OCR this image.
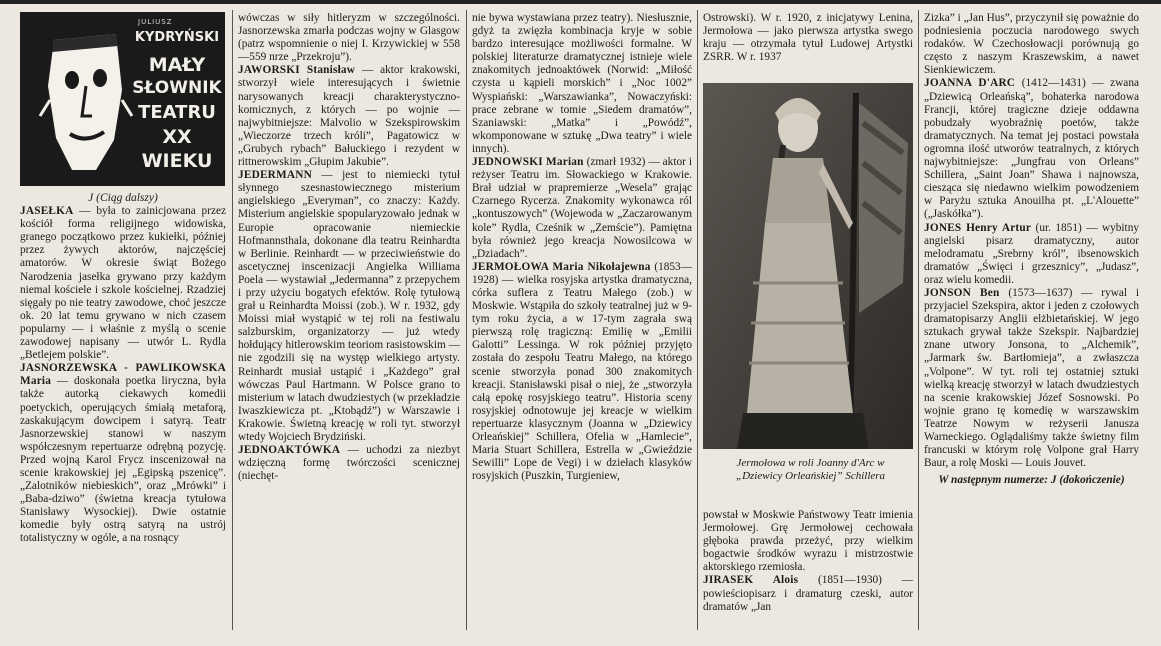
JULIUSZ
KYDRYŃSKI
MAŁY
SŁOWNIK
TEATRU
XX
WIEKU

J (Ciąg dalszy)

JASEŁKA — była to zainicjowana przez kościół forma religijnego widowiska, granego początkowo przez kukiełki, później przez żywych aktorów, najczęściej amatorów. W okresie świąt Bożego Narodzenia jasełka grywano przy każdym niemal kościele i szkole kościelnej. Rzadziej sięgały po nie teatry zawodowe, choć jeszcze ok. 20 lat temu grywano w nich czasem popularny — i właśnie z myślą o scenie zawodowej napisany — utwór L. Rydla „Betlejem polskie”.

JASNORZEWSKA - PAWLIKOWSKA Maria — doskonała poetka liryczna, była także autorką ciekawych komedii poetyckich, operujących śmiałą metaforą, zaskakującym dowcipem i satyrą. Teatr Jasnorzewskiej stanowi w naszym współczesnym repertuarze odrębną pozycję. Przed wojną Karol Frycz inscenizował na scenie krakowskiej jej „Egipską pszenicę”. „Zalotników niebieskich”, oraz „Mrówki” i „Baba-dziwo” (świetna kreacja tytułowa Stanisławy Wysockiej). Dwie ostatnie komedie były ostrą satyrą na ustrój totalistyczny w ogóle, a na rosnący

wówczas w siły hitleryzm w szczególności. Jasnorzewska zmarła podczas wojny w Glasgow (patrz wspomnienie o niej I. Krzywickiej w 558—559 nrze „Przekroju”).

JAWORSKI Stanisław — aktor krakowski, stworzył wiele interesujących i świetnie narysowanych kreacji charakterystyczno-komicznych, z których — po wojnie — najwybitniejsze: Malvolio w Szekspirowskim „Wieczorze trzech króli”, Pagatowicz w „Grubych rybach” Bałuckiego i rezydent w rittnerowskim „Głupim Jakubie”.

JEDERMANN — jest to niemiecki tytuł słynnego szesnastowiecznego misterium angielskiego „Everyman”, co znaczy: Każdy. Misterium angielskie spopularyzowało jednak w Europie opracowanie niemieckie Hofmannsthala, dokonane dla teatru Reinhardta w Berlinie. Reinhardt — w przeciwieństwie do ascetycznej inscenizacji Angielka Williama Poela — wystawiał „Jedermanna” z przepychem i przy użyciu bogatych efektów. Rolę tytułową grał u Reinhardta Moissi (zob.). W r. 1932, gdy Moissi miał wystąpić w tej roli na festiwalu salzburskim, organizatorzy — już wtedy hołdujący hitlerowskim teoriom rasistowskim — nie zgodzili się na występ wielkiego artysty. Reinhardt musiał ustąpić i „Każdego” grał wówczas Paul Hartmann. W Polsce grano to misterium w latach dwudziestych (w przekładzie Iwaszkiewicza pt. „Ktobądź”) w Warszawie i Krakowie. Świetną kreację w roli tyt. stworzył wtedy Wojciech Brydziński.

JEDNOAKTÓWKA — uchodzi za niezbyt wdzięczną formę twórczości scenicznej (niechęt-

nie bywa wystawiana przez teatry). Niesłusznie, gdyż ta zwięzła kombinacja kryje w sobie bardzo interesujące możliwości formalne. W polskiej literaturze dramatycznej istnieje wiele znakomitych jednoaktówek (Norwid: „Miłość czysta u kąpieli morskich” i „Noc 1002” Wyspiański: „Warszawianka”, Nowaczyński: prace zebrane w tomie „Siedem dramatów”, Szaniawski: „Matka” i „Powódź”, wkomponowane w sztukę „Dwa teatry” i wiele innych).

JEDNOWSKI Marian (zmarł 1932) — aktor i reżyser Teatru im. Słowackiego w Krakowie. Brał udział w prapremierze „Wesela” grając Czarnego Rycerza. Znakomity wykonawca ról „kontuszowych” (Wojewoda w „Zaczarowanym kole” Rydla, Cześnik w „Zemście”). Pamiętna była również jego kreacja Nowosilcowa w „Dziadach”.

JERMOŁOWA Maria Nikołajewna (1853—1928) — wielka rosyjska artystka dramatyczna, córka suflera z Teatru Małego (zob.) w Moskwie. Wstąpiła do szkoły teatralnej już w 9-tym roku życia, a w 17-tym zagrała swą pierwszą rolę tragiczną: Emilię w „Emilii Galotti” Lessinga. W rok później przyjęto została do zespołu Teatru Małego, na którego scenie stworzyła ponad 300 znakomitych kreacji. Stanisławski pisał o niej, że „stworzyła całą epokę rosyjskiego teatru”. Historia sceny rosyjskiej odnotowuje jej kreacje w wielkim repertuarze klasycznym (Joanna w „Dziewicy Orleańskiej” Schillera, Ofelia w „Hamlecie”, Maria Stuart Schillera, Estrella w „Gwieździe Sewilli” Lope de Vegi) i w dziełach klasyków rosyjskich (Puszkin, Turgieniew,

Ostrowski). W r. 1920, z inicjatywy Lenina, Jermołowa — jako pierwsza artystka swego kraju — otrzymała tytuł Ludowej Artystki ZSRR. W r. 1937

Jermołowa w roli Joanny d'Arc w „Dziewicy Orleańskiej” Schillera

powstał w Moskwie Państwowy Teatr imienia Jermołowej. Grę Jermołowej cechowała głęboka prawda przeżyć, przy wielkim bogactwie środków wyrazu i mistrzostwie aktorskiego rzemiosła.

JIRASEK Alois (1851—1930) — powieściopisarz i dramaturg czeski, autor dramatów „Jan

Zizka” i „Jan Hus”, przyczynił się poważnie do podniesienia poczucia narodowego swych rodaków. W Czechosłowacji porównują go często z naszym Kraszewskim, a nawet Sienkiewiczem.

JOANNA D'ARC (1412—1431) — zwana „Dziewicą Orleańską”, bohaterka narodowa Francji, której tragiczne dzieje oddawna pobudzały wyobraźnię poetów, także dramatycznych. Na temat jej postaci powstała ogromna ilość utworów teatralnych, z których najwybitniejsze: „Jungfrau von Orleans” Schillera, „Saint Joan” Shawa i najnowsza, ciesząca się niedawno wielkim powodzeniem w Paryżu sztuka Anouilha pt. „L'Alouette” („Jaskółka”).

JONES Henry Artur (ur. 1851) — wybitny angielski pisarz dramatyczny, autor melodramatu „Srebrny król”, ibsenowskich dramatów „Święci i grzesznicy”, „Judasz”, oraz wielu komedii.

JONSON Ben (1573—1637) — rywal i przyjaciel Szekspira, aktor i jeden z czołowych dramatopisarzy Anglii elżbietańskiej. W jego sztukach grywał także Szekspir. Najbardziej znane utwory Jonsona, to „Alchemik”, „Jarmark św. Bartłomieja”, a zwłaszcza „Volpone”. W tyt. roli tej ostatniej sztuki wielką kreację stworzył w latach dwudziestych na scenie krakowskiej Józef Sosnowski. Po wojnie grano tę komedię w warszawskim Teatrze Nowym w reżyserii Janusza Warneckiego. Oglądaliśmy także świetny film francuski w którym rolę Volpone grał Harry Baur, a rolę Moski — Louis Jouvet.

W następnym numerze: J (dokończenie)
